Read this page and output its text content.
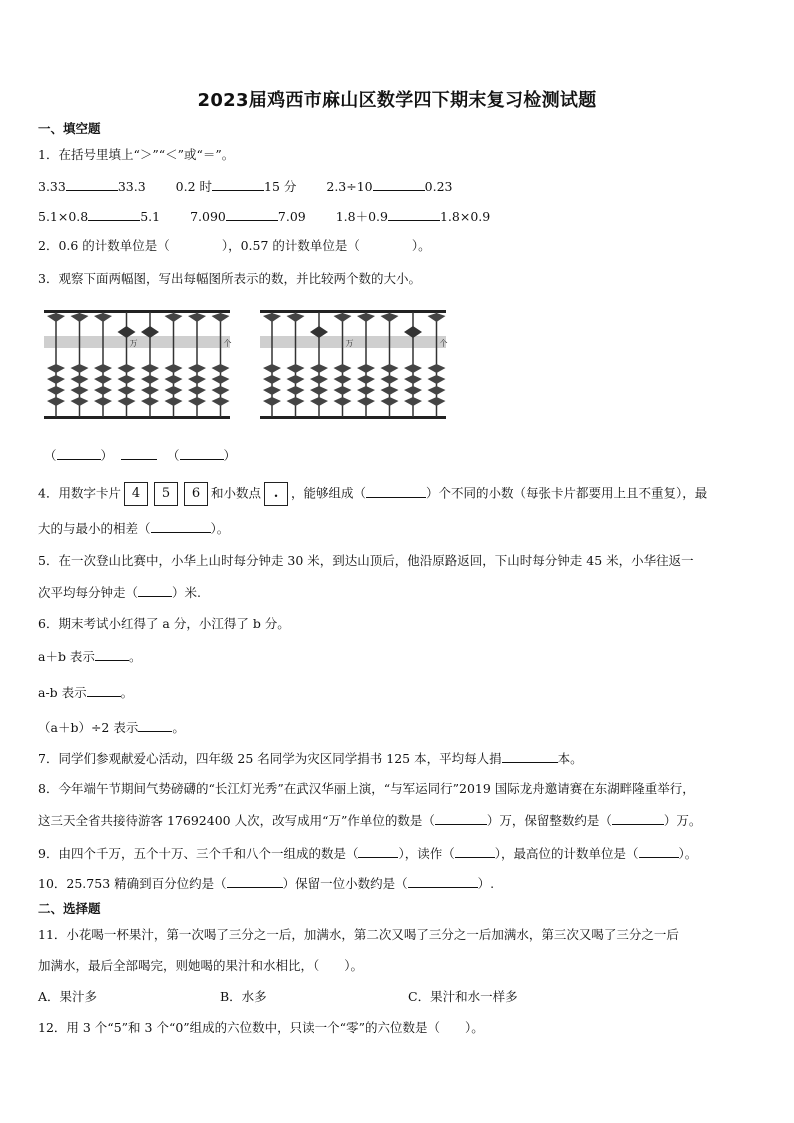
2023届鸡西市麻山区数学四下期末复习检测试题
一、填空题
1．在括号里填上“＞”“＜”或“＝”。
3.33	33.3 0.2 时	15 分 2.3÷10	0.23
5.1×0.8	5.1 7.090	7.09 1.8＋0.9	1.8×0.9
2．0.6 的计数单位是（	），0.57 的计数单位是（	）。
3．观察下面两幅图，写出每幅图所表示的数，并比较两个数的大小。
万	个	万	个
（	）	（	）
4．用数字卡片 4 5 6 和小数点 . ，能够组成（	）个不同的小数（每张卡片都要用上且不重复），最
大的与最小的相差（	）。
5．在一次登山比赛中，小华上山时每分钟走 30 米，到达山顶后，他沿原路返回，下山时每分钟走 45 米，小华往返一
次平均每分钟走（	）米.
6．期末考试小红得了 a 分，小江得了 b 分。
a＋b 表示	。
a-b 表示	。
（a＋b）÷2 表示	。
7．同学们参观献爱心活动，四年级 25 名同学为灾区同学捐书 125 本，平均每人捐	本。
8．今年端午节期间气势磅礴的“长江灯光秀”在武汉华丽上演，“与军运同行”2019 国际龙舟邀请赛在东湖畔隆重举行，
这三天全省共接待游客 17692400 人次，改写成用“万”作单位的数是（	）万，保留整数约是（	）万。
9．由四个千万，五个十万、三个千和八个一组成的数是（	），读作（	），最高位的计数单位是（	）。
10．25.753 精确到百分位约是（	）保留一位小数约是（	）.
二、选择题
11．小花喝一杯果汁，第一次喝了三分之一后，加满水，第二次又喝了三分之一后加满水，第三次又喝了三分之一后
加满水，最后全部喝完，则她喝的果汁和水相比，（　　）。
A．果汁多	B．水多	C．果汁和水一样多
12．用 3 个“5”和 3 个“0”组成的六位数中，只读一个“零”的六位数是（　　）。
